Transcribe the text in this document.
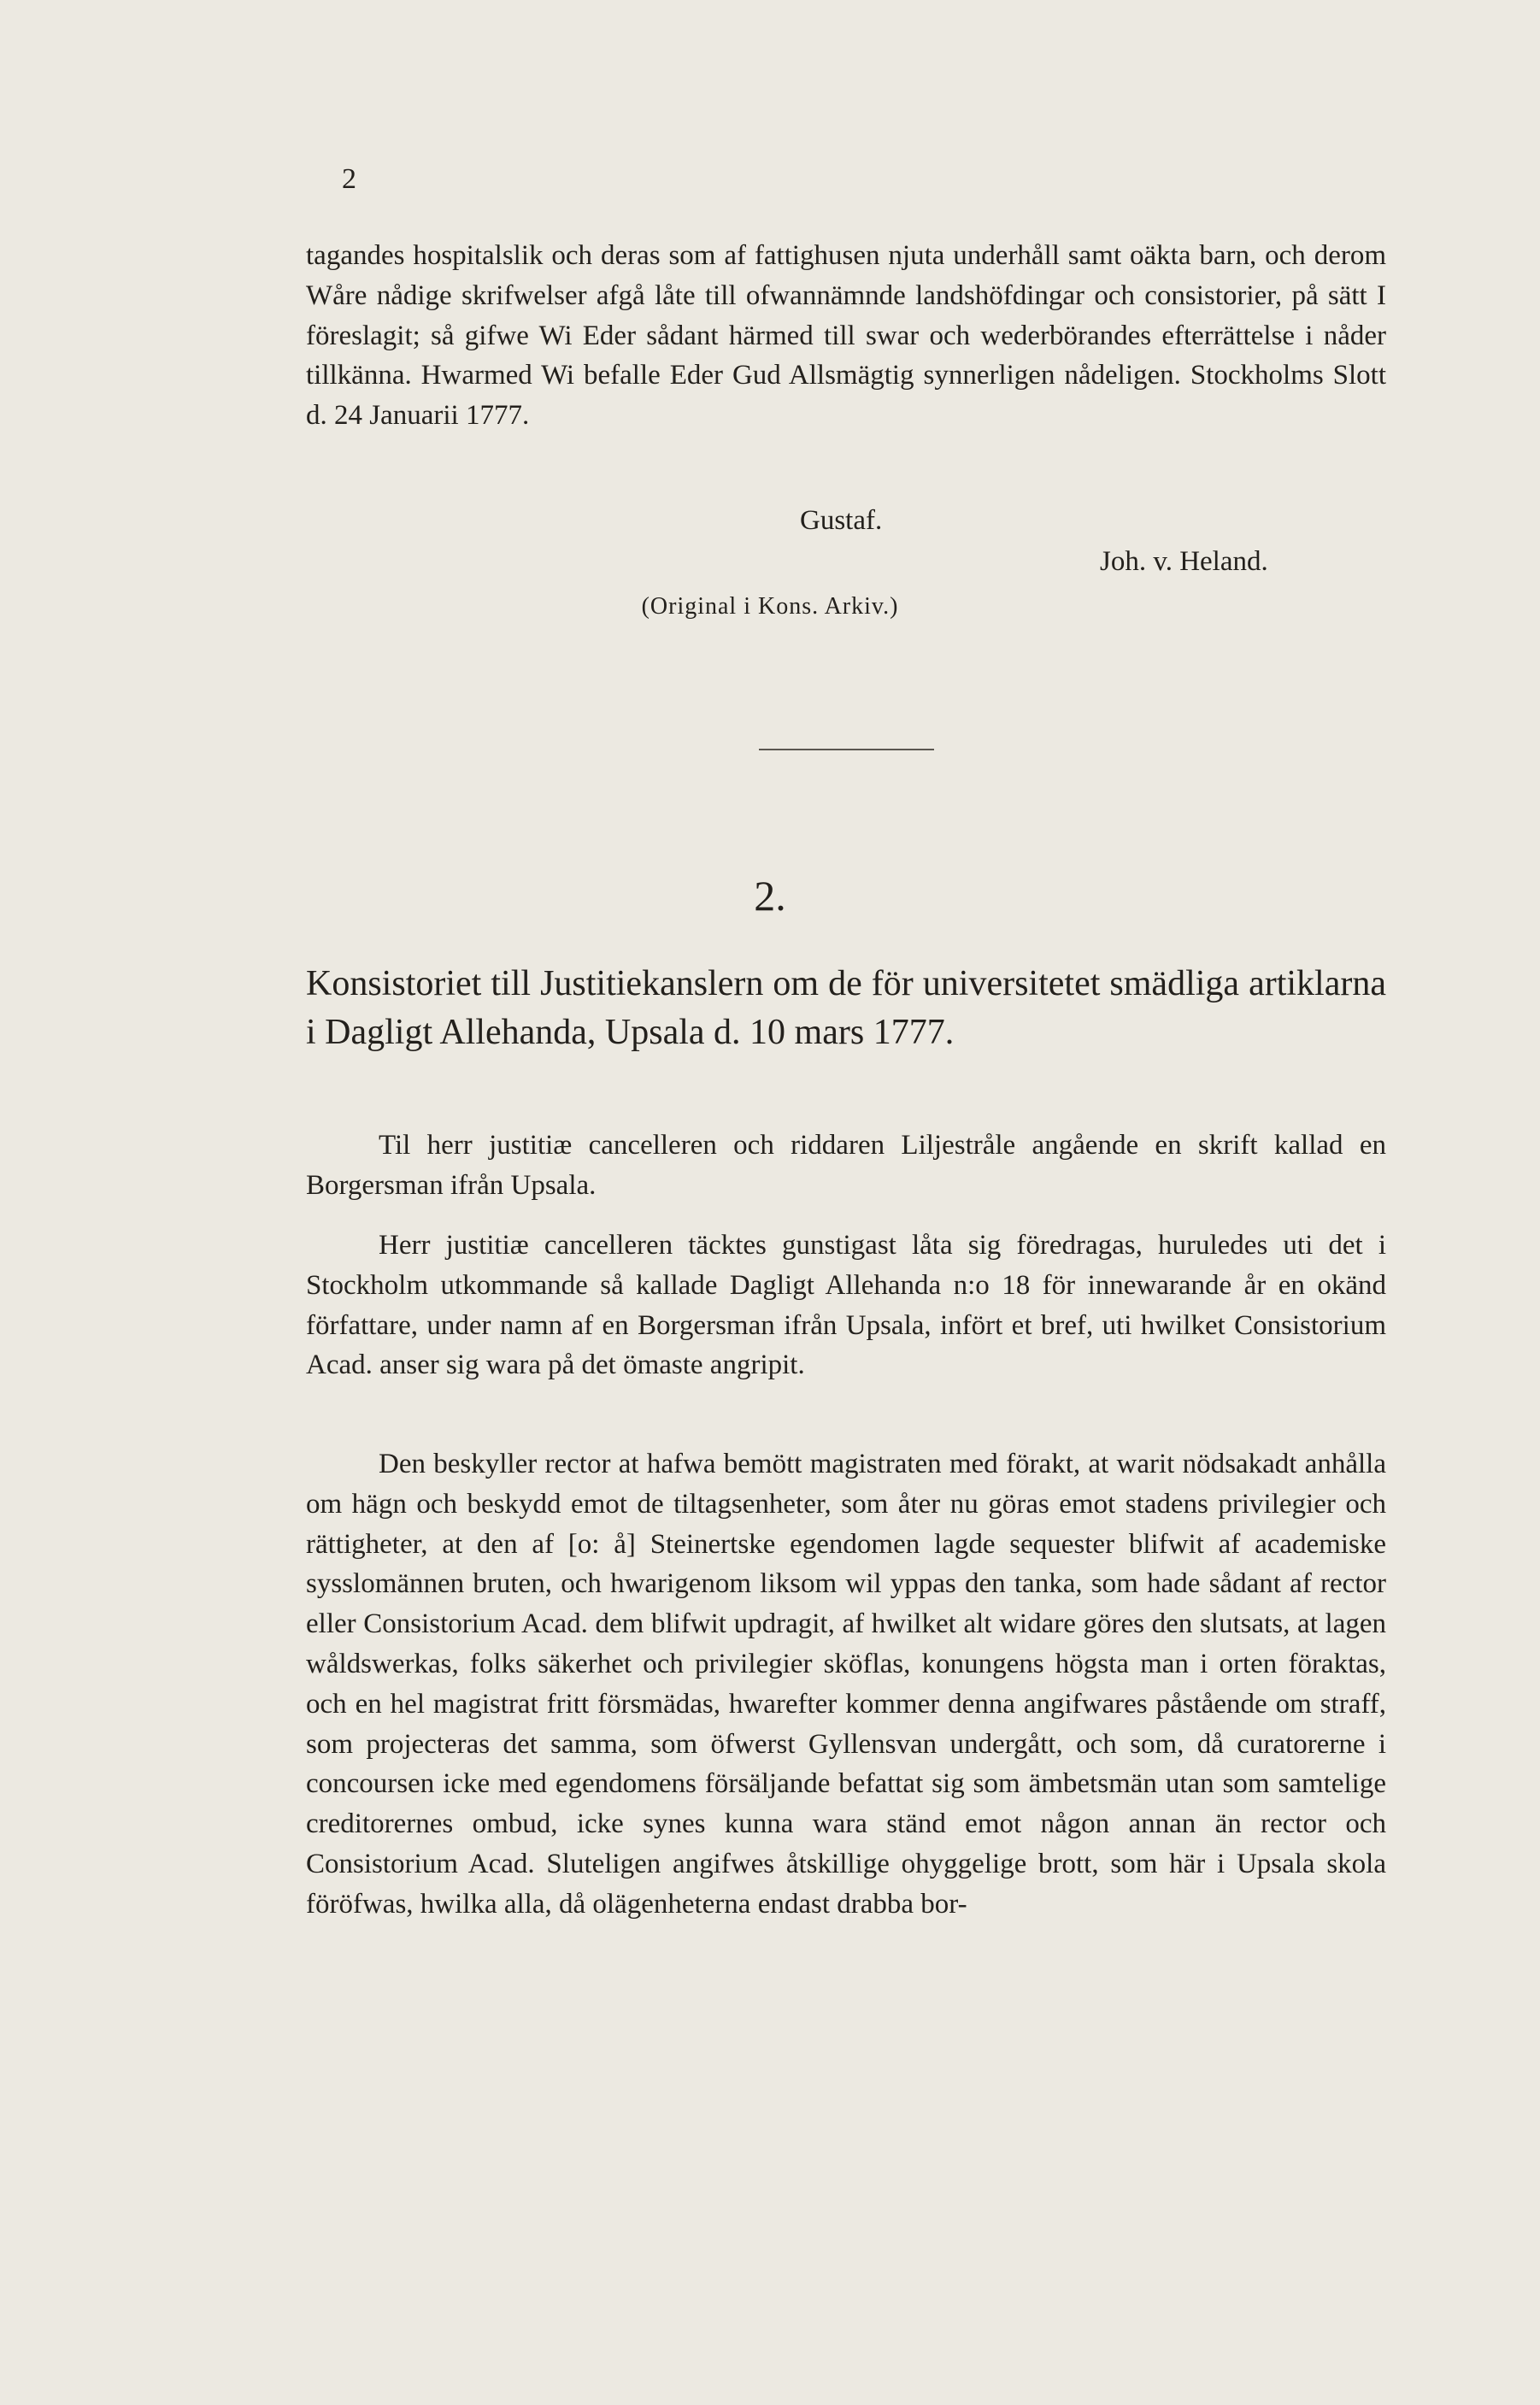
2
tagandes hospitalslik och deras som af fattighusen njuta underhåll samt oäkta barn, och derom Wåre nådige skrifwelser afgå låte till ofwannämnde landshöfdingar och consistorier, på sätt I föreslagit; så gifwe Wi Eder sådant härmed till swar och wederbörandes efterrättelse i nåder tillkänna. Hwarmed Wi befalle Eder Gud Allsmägtig synnerligen nådeligen. Stockholms Slott d. 24 Januarii 1777.
Gustaf.
Joh. v. Heland.
(Original i Kons. Arkiv.)
2.
Konsistoriet till Justitiekanslern om de för universitetet smädliga artiklarna i Dagligt Allehanda, Upsala d. 10 mars 1777.
Til herr justitiæ cancelleren och riddaren Liljestråle angående en skrift kallad en Borgersman ifrån Upsala.
Herr justitiæ cancelleren täcktes gunstigast låta sig föredragas, huruledes uti det i Stockholm utkommande så kallade Dagligt Allehanda n:o 18 för innewarande år en okänd författare, under namn af en Borgersman ifrån Upsala, infört et bref, uti hwilket Consistorium Acad. anser sig wara på det ömaste angripit.
Den beskyller rector at hafwa bemött magistraten med förakt, at warit nödsakadt anhålla om hägn och beskydd emot de tiltagsenheter, som åter nu göras emot stadens privilegier och rättigheter, at den af [o: å] Steinertske egendomen lagde sequester blifwit af academiske sysslomännen bruten, och hwarigenom liksom wil yppas den tanka, som hade sådant af rector eller Consistorium Acad. dem blifwit updragit, af hwilket alt widare göres den slutsats, at lagen wåldswerkas, folks säkerhet och privilegier sköflas, konungens högsta man i orten föraktas, och en hel magistrat fritt försmädas, hwarefter kommer denna angifwares påstående om straff, som projecteras det samma, som öfwerst Gyllensvan undergått, och som, då curatorerne i concoursen icke med egendomens försäljande befattat sig som ämbetsmän utan som samtelige creditorernes ombud, icke synes kunna wara ständ emot någon annan än rector och Consistorium Acad. Sluteligen angifwes åtskillige ohyggelige brott, som här i Upsala skola föröfwas, hwilka alla, då olägenheterna endast drabba bor-
